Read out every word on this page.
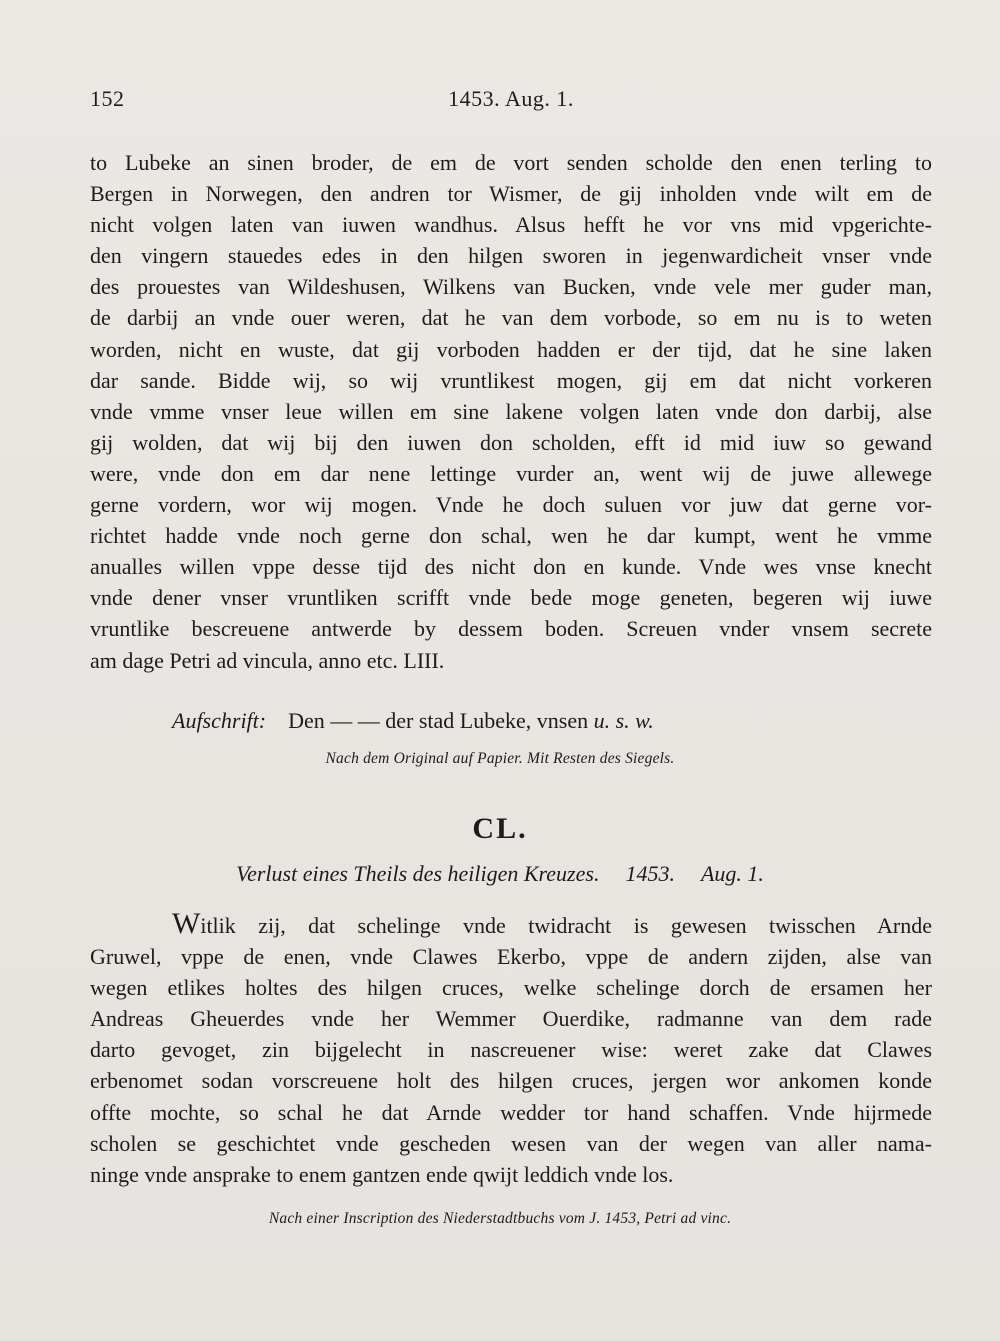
152	1453. Aug. 1.
to Lubeke an sinen broder, de em de vort senden scholde den enen terling to
Bergen in Norwegen, den andren tor Wismer, de gij inholden vnde wilt em de
nicht volgen laten van iuwen wandhus. Alsus hefft he vor vns mid vpgerichte-
den vingern stauedes edes in den hilgen sworen in jegenwardicheit vnser vnde
des prouestes van Wildeshusen, Wilkens van Bucken, vnde vele mer guder man,
de darbij an vnde ouer weren, dat he van dem vorbode, so em nu is to weten
worden, nicht en wuste, dat gij vorboden hadden er der tijd, dat he sine laken
dar sande. Bidde wij, so wij vruntlikest mogen, gij em dat nicht vorkeren
vnde vmme vnser leue willen em sine lakene volgen laten vnde don darbij, alse
gij wolden, dat wij bij den iuwen don scholden, efft id mid iuw so gewand
were, vnde don em dar nene lettinge vurder an, went wij de juwe allewege
gerne vordern, wor wij mogen. Vnde he doch suluen vor juw dat gerne vor-
richtet hadde vnde noch gerne don schal, wen he dar kumpt, went he vmme
anualles willen vppe desse tijd des nicht don en kunde. Vnde wes vnse knecht
vnde dener vnser vruntliken scrifft vnde bede moge geneten, begeren wij iuwe
vruntlike bescreuene antwerde by dessem boden. Screuen vnder vnsem secrete
am dage Petri ad vincula, anno etc. LIII.
Aufschrift: Den — — der stad Lubeke, vnsen u. s. w.
Nach dem Original auf Papier. Mit Resten des Siegels.
CL.
Verlust eines Theils des heiligen Kreuzes. 1453. Aug. 1.
Witlik zij, dat schelinge vnde twidracht is gewesen twisschen Arnde
Gruwel, vppe de enen, vnde Clawes Ekerbo, vppe de andern zijden, alse van
wegen etlikes holtes des hilgen cruces, welke schelinge dorch de ersamen her
Andreas Gheuerdes vnde her Wemmer Ouerdike, radmanne van dem rade
darto gevoget, zin bijgelecht in nascreuener wise: weret zake dat Clawes
erbenomet sodan vorscreuene holt des hilgen cruces, jergen wor ankomen konde
offte mochte, so schal he dat Arnde wedder tor hand schaffen. Vnde hijrmede
scholen se geschichtet vnde gescheden wesen van der wegen van aller nama-
ninge vnde ansprake to enem gantzen ende qwijt leddich vnde los.
Nach einer Inscription des Niederstadtbuchs vom J. 1453, Petri ad vinc.
